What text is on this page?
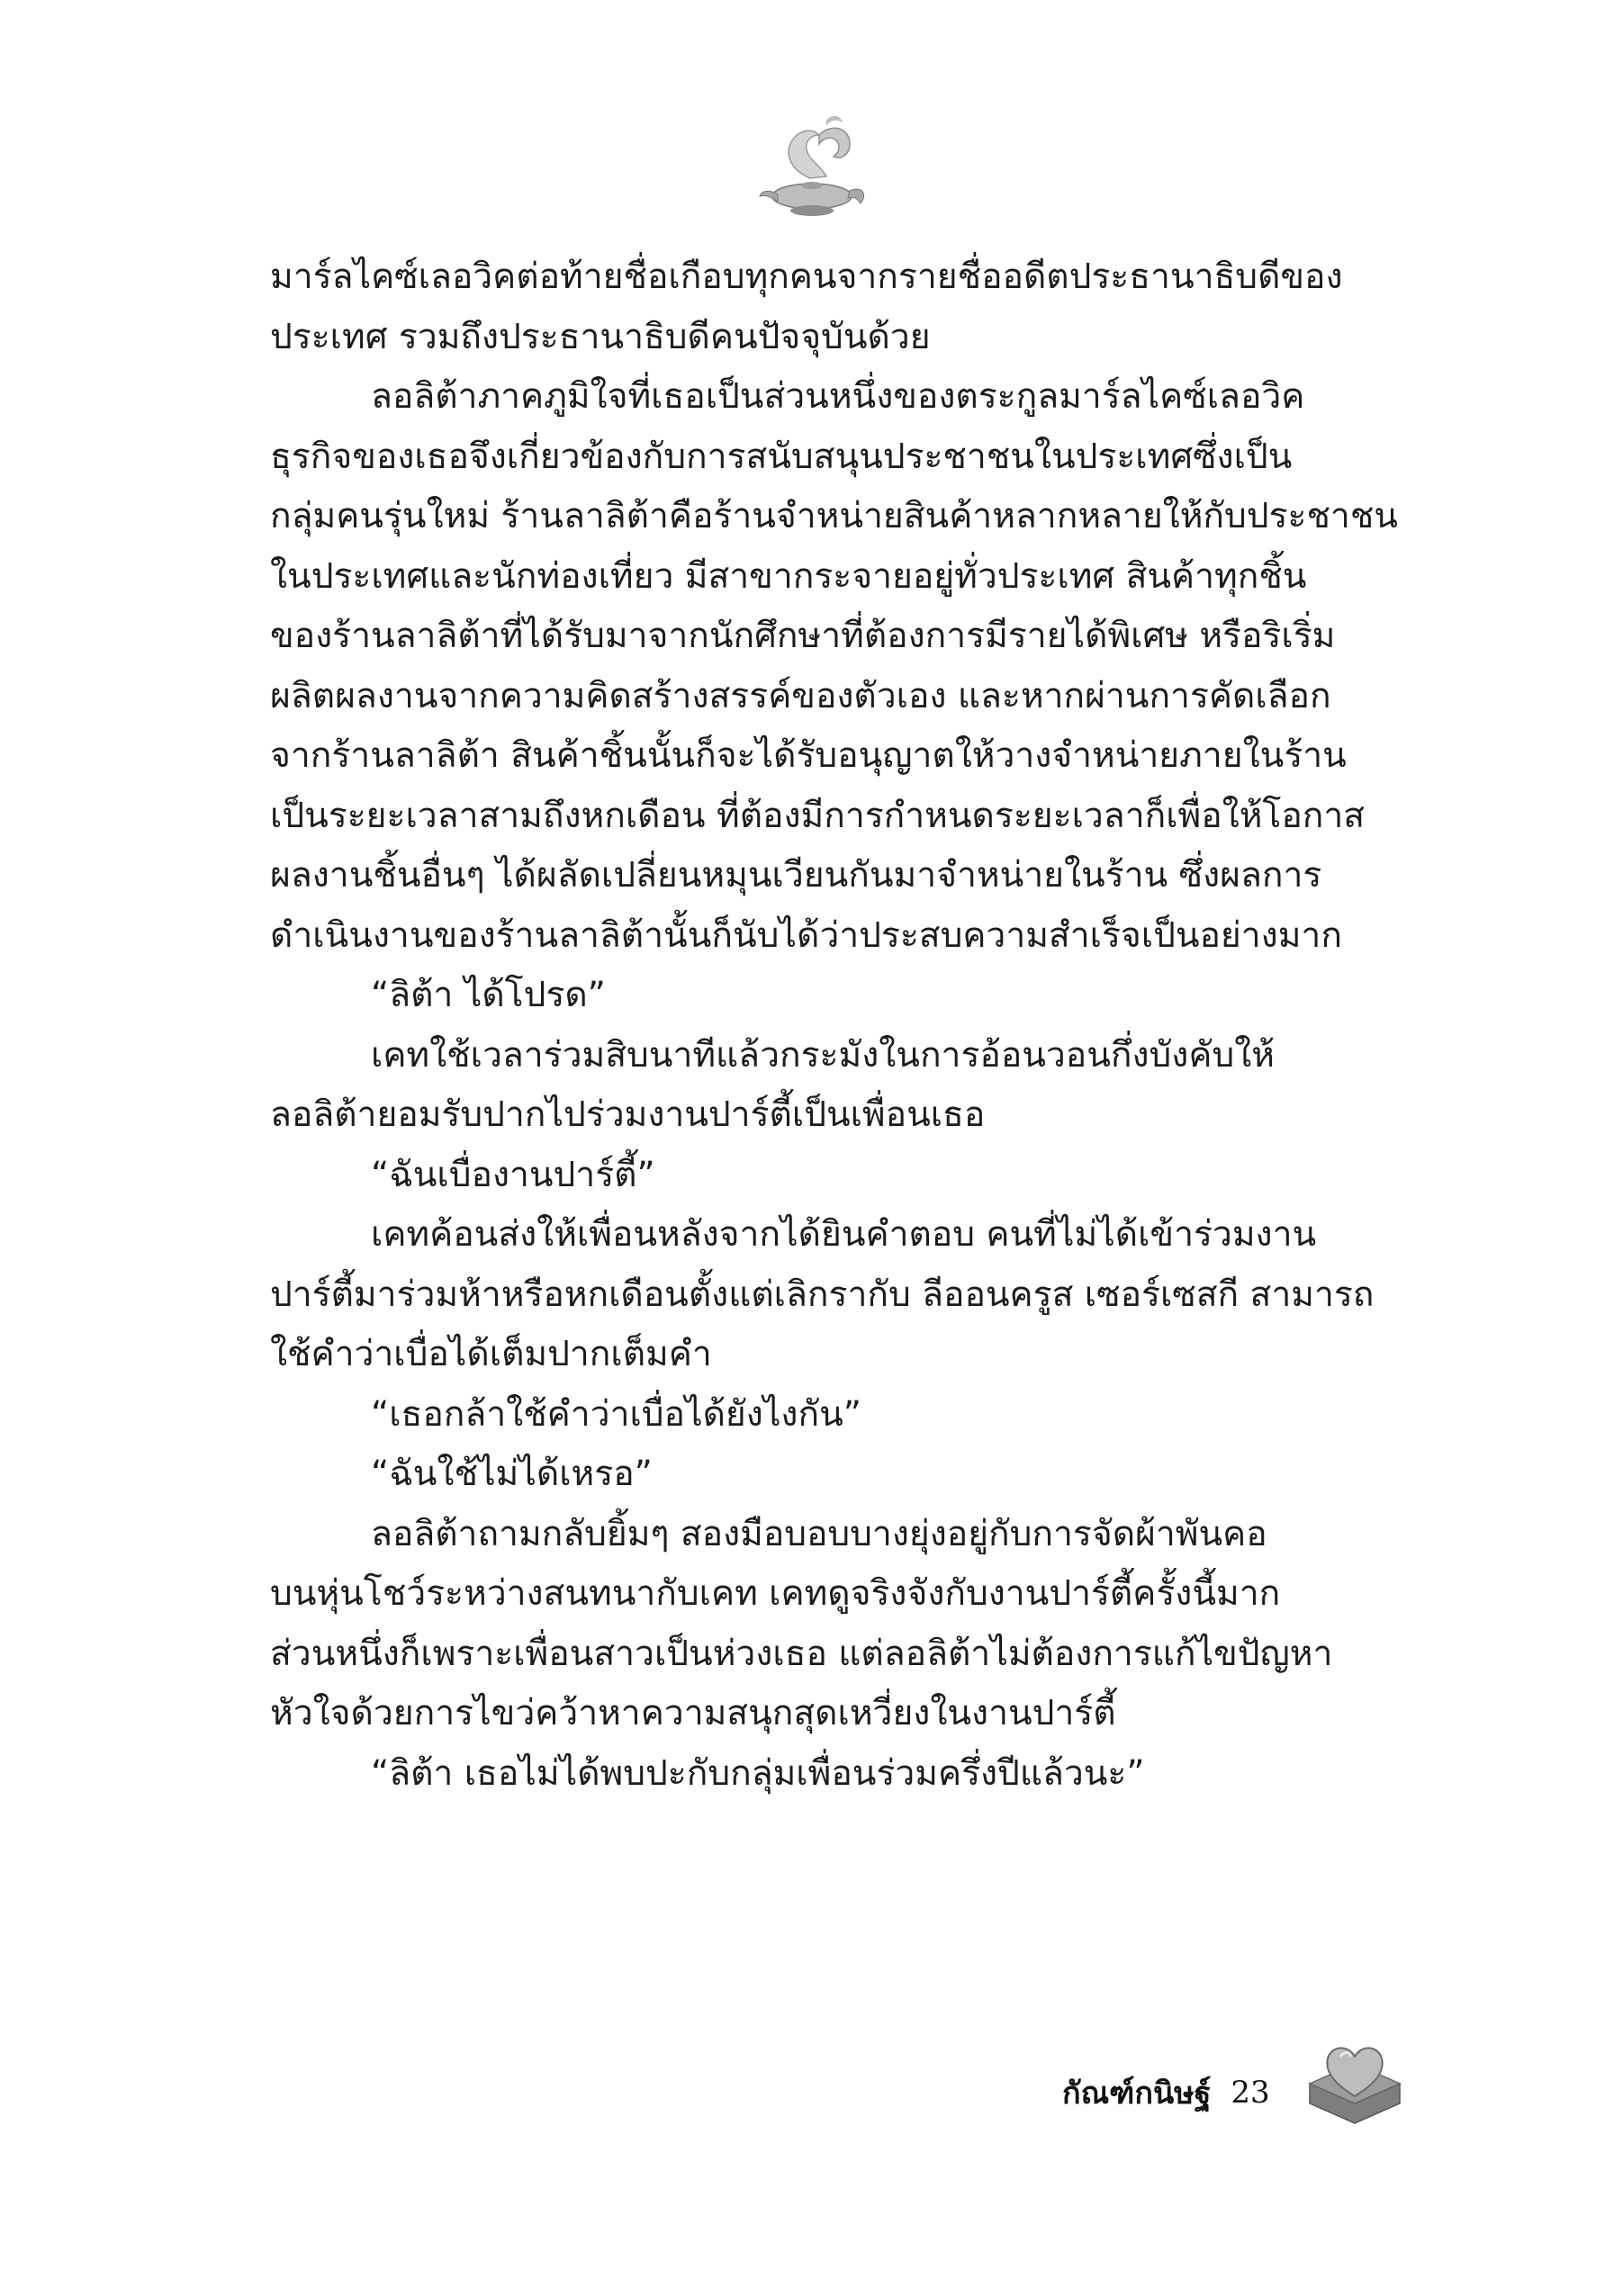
มาร์ลไคซ์เลอวิคต่อท้ายชื่อเกือบทุกคนจากรายชื่ออดีตประธานาธิบดีของ
ประเทศ รวมถึงประธานาธิบดีคนปัจจุบันด้วย
ลอลิต้าภาคภูมิใจที่เธอเป็นส่วนหนึ่งของตระกูลมาร์ลไคซ์เลอวิค
ธุรกิจของเธอจึงเกี่ยวข้องกับการสนับสนุนประชาชนในประเทศซึ่งเป็น
กลุ่มคนรุ่นใหม่ ร้านลาลิต้าคือร้านจำหน่ายสินค้าหลากหลายให้กับประชาชน
ในประเทศและนักท่องเที่ยว มีสาขากระจายอยู่ทั่วประเทศ สินค้าทุกชิ้น
ของร้านลาลิต้าที่ได้รับมาจากนักศึกษาที่ต้องการมีรายได้พิเศษ หรือริเริ่ม
ผลิตผลงานจากความคิดสร้างสรรค์ของตัวเอง และหากผ่านการคัดเลือก
จากร้านลาลิต้า สินค้าชิ้นนั้นก็จะได้รับอนุญาตให้วางจำหน่ายภายในร้าน
เป็นระยะเวลาสามถึงหกเดือน ที่ต้องมีการกำหนดระยะเวลาก็เพื่อให้โอกาส
ผลงานชิ้นอื่นๆ ได้ผลัดเปลี่ยนหมุนเวียนกันมาจำหน่ายในร้าน ซึ่งผลการ
ดำเนินงานของร้านลาลิต้านั้นก็นับได้ว่าประสบความสำเร็จเป็นอย่างมาก
“ลิต้า ได้โปรด”
เคทใช้เวลาร่วมสิบนาทีแล้วกระมังในการอ้อนวอนกึ่งบังคับให้
ลอลิต้ายอมรับปากไปร่วมงานปาร์ตี้เป็นเพื่อนเธอ
“ฉันเบื่องานปาร์ตี้”
เคทค้อนส่งให้เพื่อนหลังจากได้ยินคำตอบ คนที่ไม่ได้เข้าร่วมงาน
ปาร์ตี้มาร่วมห้าหรือหกเดือนตั้งแต่เลิกรากับ ลีออนครูส เซอร์เซสกี สามารถ
ใช้คำว่าเบื่อได้เต็มปากเต็มคำ
“เธอกล้าใช้คำว่าเบื่อได้ยังไงกัน”
“ฉันใช้ไม่ได้เหรอ”
ลอลิต้าถามกลับยิ้มๆ สองมือบอบบางยุ่งอยู่กับการจัดผ้าพันคอ
บนหุ่นโชว์ระหว่างสนทนากับเคท เคทดูจริงจังกับงานปาร์ตี้ครั้งนี้มาก
ส่วนหนึ่งก็เพราะเพื่อนสาวเป็นห่วงเธอ แต่ลอลิต้าไม่ต้องการแก้ไขปัญหา
หัวใจด้วยการไขว่คว้าหาความสนุกสุดเหวี่ยงในงานปาร์ตี้
“ลิต้า เธอไม่ได้พบปะกับกลุ่มเพื่อนร่วมครึ่งปีแล้วนะ”
กัณฑ์กนิษฐ์ 23
